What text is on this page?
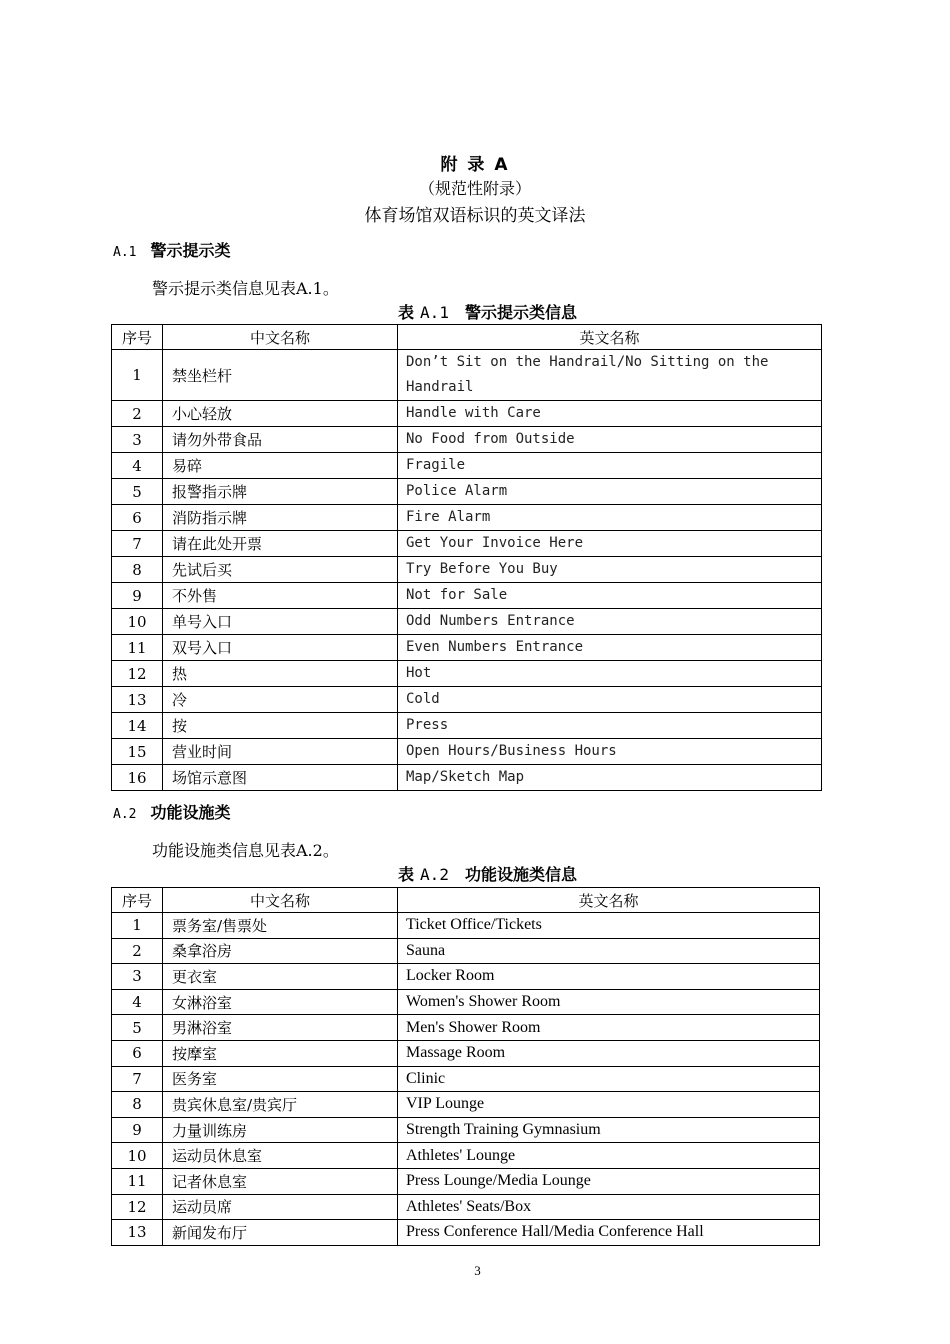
附 录 A
（规范性附录）
体育场馆双语标识的英文译法
A.1 警示提示类
警示提示类信息见表A.1。
表 A.1 警示提示类信息
序号	中文名称	英文名称
1	禁坐栏杆	Don’t Sit on the Handrail/No Sitting on the Handrail
2	小心轻放	Handle with Care
3	请勿外带食品	No Food from Outside
4	易碎	Fragile
5	报警指示牌	Police Alarm
6	消防指示牌	Fire Alarm
7	请在此处开票	Get Your Invoice Here
8	先试后买	Try Before You Buy
9	不外售	Not for Sale
10	单号入口	Odd Numbers Entrance
11	双号入口	Even Numbers Entrance
12	热	Hot
13	冷	Cold
14	按	Press
15	营业时间	Open Hours/Business Hours
16	场馆示意图	Map/Sketch Map
A.2 功能设施类
功能设施类信息见表A.2。
表 A.2 功能设施类信息
序号	中文名称	英文名称
1	票务室/售票处	Ticket Office/Tickets
2	桑拿浴房	Sauna
3	更衣室	Locker Room
4	女淋浴室	Women's Shower Room
5	男淋浴室	Men's Shower Room
6	按摩室	Massage Room
7	医务室	Clinic
8	贵宾休息室/贵宾厅	VIP Lounge
9	力量训练房	Strength Training Gymnasium
10	运动员休息室	Athletes' Lounge
11	记者休息室	Press Lounge/Media Lounge
12	运动员席	Athletes' Seats/Box
13	新闻发布厅	Press Conference Hall/Media Conference Hall
3
